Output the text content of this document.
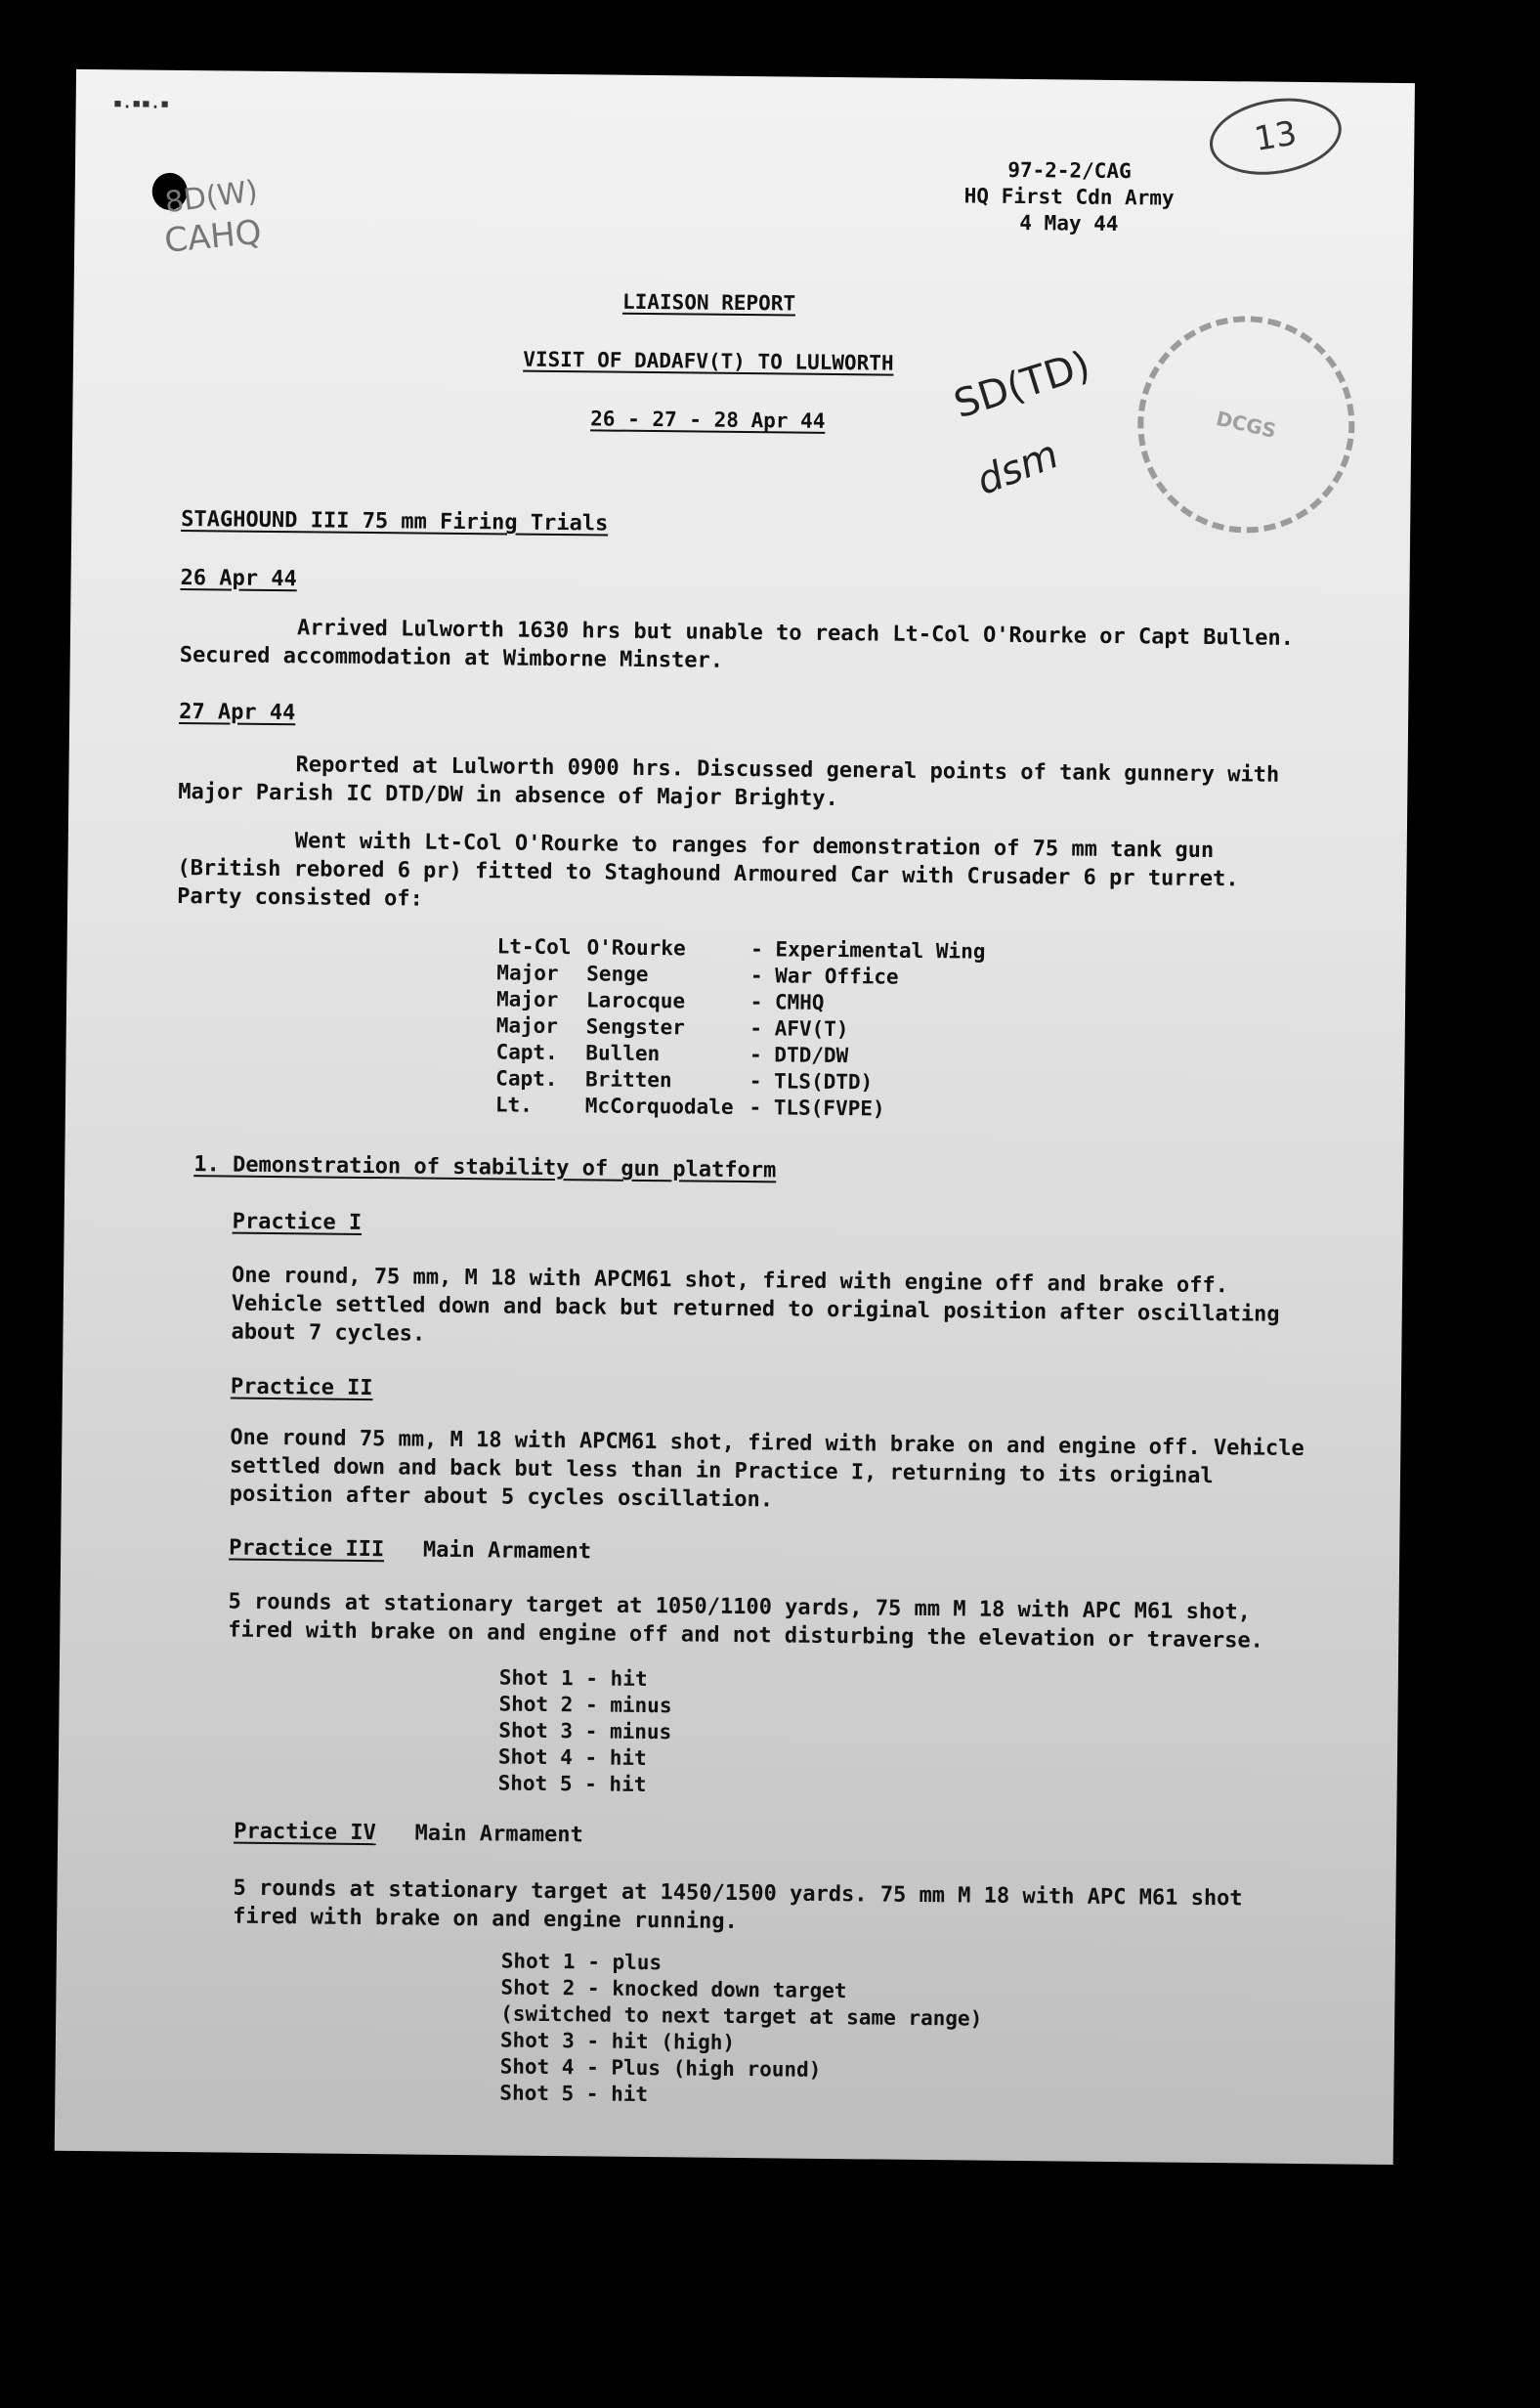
▪.▪▪.▪
8D(W)
CAHQ
13
97-2-2/CAG
HQ First Cdn Army
4 May 44
SD(TD)
dsm
DCGS
LIAISON REPORT
VISIT OF DADAFV(T) TO LULWORTH
26 - 27 - 28 Apr 44
STAGHOUND III 75 mm Firing Trials
26 Apr 44
Arrived Lulworth 1630 hrs but unable to reach Lt-Col O'Rourke or Capt Bullen. Secured accommodation at Wimborne Minster.
27 Apr 44
Reported at Lulworth 0900 hrs. Discussed general points of tank gunnery with Major Parish IC DTD/DW in absence of Major Brighty.
Went with Lt-Col O'Rourke to ranges for demonstration of 75 mm tank gun (British rebored 6 pr) fitted to Staghound Armoured Car with Crusader 6 pr turret. Party consisted of:
Lt-Col	O'Rourke	- Experimental Wing
Major	Senge	- War Office
Major	Larocque	- CMHQ
Major	Sengster	- AFV(T)
Capt.	Bullen	- DTD/DW
Capt.	Britten	- TLS(DTD)
Lt.	McCorquodale	- TLS(FVPE)
1. Demonstration of stability of gun platform
Practice I
One round, 75 mm, M 18 with APCM61 shot, fired with engine off and brake off. Vehicle settled down and back but returned to original position after oscillating about 7 cycles.
Practice II
One round 75 mm, M 18 with APCM61 shot, fired with brake on and engine off. Vehicle settled down and back but less than in Practice I, returning to its original position after about 5 cycles oscillation.
Practice III Main Armament
5 rounds at stationary target at 1050/1100 yards, 75 mm M 18 with APC M61 shot, fired with brake on and engine off and not disturbing the elevation or traverse.
Shot 1 - hit
Shot 2 - minus
Shot 3 - minus
Shot 4 - hit
Shot 5 - hit
Practice IV Main Armament
5 rounds at stationary target at 1450/1500 yards. 75 mm M 18 with APC M61 shot fired with brake on and engine running.
Shot 1 - plus
Shot 2 - knocked down target
(switched to next target at same range)
Shot 3 - hit (high)
Shot 4 - Plus (high round)
Shot 5 - hit
